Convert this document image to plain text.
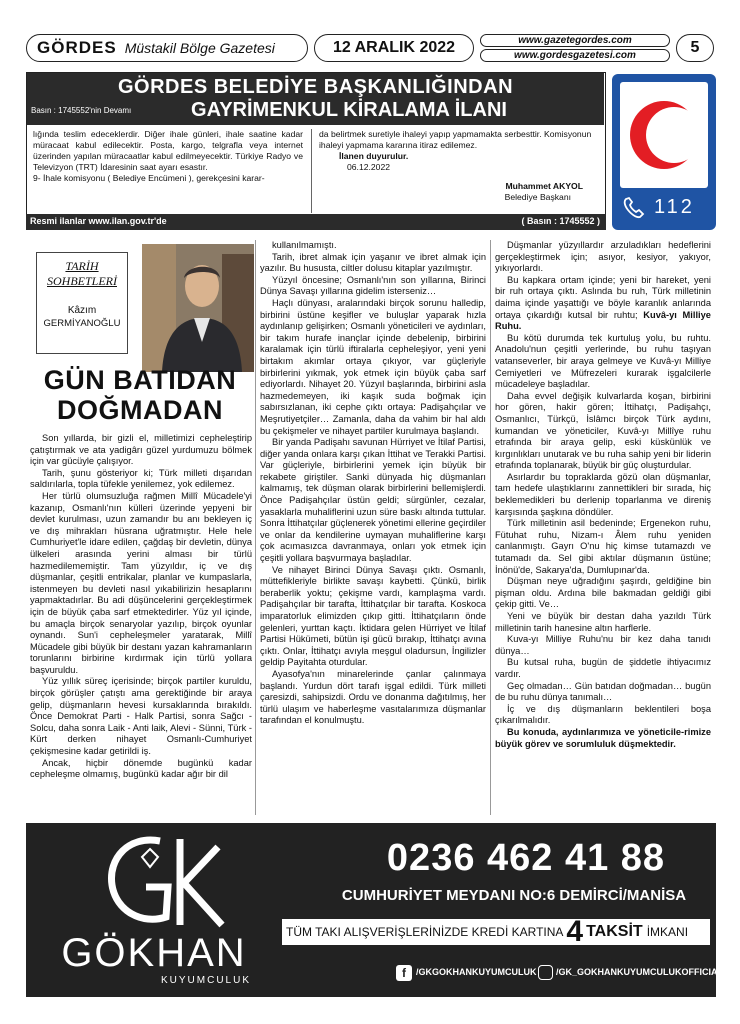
GÖRDES Müstakil Bölge Gazetesi	12 ARALIK 2022	www.gazetegordes.com
www.gordesgazetesi.com	5
GÖRDES BELEDİYE BAŞKANLIĞINDAN
Basın : 1745552'nin Devamı	GAYRİMENKUL KİRALAMA İLANI
lığında teslim edeceklerdir. Diğer ihale günleri, ihale saatine kadar müracaat kabul edilecektir. Posta, kargo, telgrafla veya internet üzerinden yapılan müracaatlar kabul edilmeyecektir. Türkiye Radyo ve Televizyon (TRT) İdaresinin saat ayarı esastır.
9- İhale komisyonu ( Belediye Encümeni ), gerekçesini karar-
da belirtmek suretiyle ihaleyi yapıp yapmamakta serbesttir. Komisyonun ihaleyi yapmama kararına itiraz edilemez.
İlanen duyurulur.
06.12.2022
Muhammet AKYOL
Belediye Başkanı
Resmi ilanlar www.ilan.gov.tr'de	( Basın : 1745552 )
112
TARİH
SOHBETLERİ
Kâzım
GERMİYANOĞLU
GÜN BATIDAN
DOĞMADAN

Son yıllarda, bir gizli el, milletimizi cepheleştirip çatıştırmak ve ata yadigârı güzel yurdumuzu bölmek için var gücüyle çalışıyor.

Tarih, şunu gösteriyor ki; Türk milleti dışarıdan saldırılarla, topla tüfekle yenilemez, yok edilemez.

Her türlü olumsuzluğa rağmen Millî Mücadele'yi kazanıp, Osmanlı'nın külleri üzerinde yepyeni bir devlet kurulması, uzun zamandır bu anı bekleyen iç ve dış mihrakları hüsrana uğratmıştır. Hele hele Cumhuriyet'le idare edilen, çağdaş bir devletin, dünya ülkeleri arasında yerini alması bir türlü hazmedilememiştir. Tam yüzyıldır, iç ve dış düşmanlar, çeşitli entrikalar, planlar ve kumpaslarla, istenmeyen bu devleti nasıl yıkabilirizin hesaplarını yapmaktadırlar. Bu adi düşüncelerini gerçekleştirmek için de büyük çaba sarf etmektedirler. Yüz yıl içinde, bu amaçla birçok senaryolar yazılıp, birçok oyunlar oynandı. Sun'i cepheleşmeler yaratarak, Millî Mücadele gibi büyük bir destanı yazan kahramanların torunlarını birbirine kırdırmak için türlü yollara başvuruldu.

Yüz yıllık süreç içerisinde; birçok partiler kuruldu, birçok görüşler çatıştı ama gerektiğinde bir araya gelip, düşmanların hevesi kursaklarında bırakıldı. Önce Demokrat Parti - Halk Partisi, sonra Sağcı - Solcu, daha sonra Laik - Anti laik, Alevi - Sünni, Türk - Kürt derken nihayet Osmanlı-Cumhuriyet çekişmesine kadar getirildi iş.

Ancak, hiçbir dönemde bugünkü kadar cepheleşme olmamış, bugünkü kadar ağır bir dil

kullanılmamıştı.

Tarih, ibret almak için yaşanır ve ibret almak için yazılır. Bu hususta, ciltler dolusu kitaplar yazılmıştır.

Yüzyıl öncesine; Osmanlı'nın son yıllarına, Birinci Dünya Savaşı yıllarına gidelim isterseniz…

Haçlı dünyası, aralarındaki birçok sorunu halledip, birbirini üstüne keşifler ve buluşlar yaparak hızla aydınlanıp gelişirken; Osmanlı yöneticileri ve aydınları, bir takım hurafe inançlar içinde debelenip, birbirini karalamak için türlü iftiralarla cepheleşiyor, yeni yeni birtakım akımlar ortaya çıkıyor, var güçleriyle birbirlerini yıkmak, yok etmek için büyük çaba sarf ediyorlardı. Nihayet 20. Yüzyıl başlarında, birbirini asla hazmedemeyen, iki kaşık suda boğmak için sabırsızlanan, iki cephe çıktı ortaya: Padişahçılar ve Meşrutiyetçiler… Zamanla, daha da vahim bir hal aldı bu çekişmeler ve nihayet partiler kurulmaya başlandı.

Bir yanda Padişahı savunan Hürriyet ve İtilaf Partisi, diğer yanda onlara karşı çıkan İttihat ve Terakki Partisi. Var güçleriyle, birbirlerini yemek için büyük bir rekabete giriştiler. Sanki dünyada hiç düşmanları kalmamış, tek düşman olarak birbirlerini bellemişlerdi. Önce Padişahçılar üstün geldi; sürgünler, cezalar, yasaklarla muhaliflerini uzun süre baskı altında tuttular. Sonra İttihatçılar güçlenerek yönetimi ellerine geçirdiler ve onlar da kendilerine uymayan muhaliflerine karşı çok acımasızca davranmaya, onları yok etmek için çeşitli yollara başvurmaya başladılar.

Ve nihayet Birinci Dünya Savaşı çıktı. Osmanlı, müttefikleriyle birlikte savaşı kaybetti. Çünkü, birlik beraberlik yoktu; çekişme vardı, kamplaşma vardı. Padişahçılar bir tarafta, İttihatçılar bir tarafta. Koskoca imparatorluk elimizden çıkıp gitti. İttihatçıların önde gelenleri, yurttan kaçtı. İktidara gelen Hürriyet ve İtilaf Partisi Hükümeti, bütün işi gücü bırakıp, İttihatçı avına çıktı. Onlar, İttihatçı avıyla meşgul oladursun, İngilizler geldip Payitahta oturdular.

Ayasofya'nın minarelerinde çanlar çalınmaya başlandı. Yurdun dört tarafı işgal edildi. Türk milleti çaresizdi, sahipsizdi. Ordu ve donanma dağıtılmış, her türlü ulaşım ve haberleşme vasıtalarımıza düşmanlar tarafından el konulmuştu.

Düşmanlar yüzyıllardır arzuladıkları hedeflerini gerçekleştirmek için; asıyor, kesiyor, yakıyor, yıkıyorlardı.

Bu kapkara ortam içinde; yeni bir hareket, yeni bir ruh ortaya çıktı. Aslında bu ruh, Türk milletinin daima içinde yaşattığı ve böyle karanlık anlarında ortaya çıkardığı kutsal bir ruhtu; Kuvâ-yı Milliye Ruhu.

Bu kötü durumda tek kurtuluş yolu, bu ruhtu. Anadolu'nun çeşitli yerlerinde, bu ruhu taşıyan vatanseverler, bir araya gelmeye ve Kuvâ-yı Milliye Cemiyetleri ve Müfrezeleri kurarak işgalcilerle mücadeleye başladılar.

Daha evvel değişik kulvarlarda koşan, birbirini hor gören, hakir gören; İttihatçı, Padişahçı, Osmanlıcı, Türkçü, İslâmcı birçok Türk aydını, kumandan ve yöneticiler, Kuvâ-yı Millîye ruhu etrafında bir araya gelip, eski küskünlük ve kırgınlıkları unutarak ve bu ruha sahip yeni bir liderin etrafında toplanarak, büyük bir güç oluşturdular.

Asırlardır bu topraklarda gözü olan düşmanlar, tam hedefe ulaştıklarını zannettikleri bir sırada, hiç beklemedikleri bu derlenip toparlanma ve direniş karşısında şaşkına döndüler.

Türk milletinin asil bedeninde; Ergenekon ruhu, Fütuhat ruhu, Nizam-ı Âlem ruhu yeniden canlanmıştı. Gayrı O'nu hiç kimse tutamazdı ve tutamadı da. Sel gibi aktılar düşmanın üstüne; İnönü'de, Sakarya'da, Dumlupınar'da.

Düşman neye uğradığını şaşırdı, geldiğine bin pişman oldu. Ardına bile bakmadan geldiği gibi çekip gitti. Ve…

Yeni ve büyük bir destan daha yazıldı Türk milletinin tarih hanesine altın harflerle.

Kuva-yı Milliye Ruhu'nu bir kez daha tanıdı dünya…

Bu kutsal ruha, bugün de şiddetle ihtiyacımız vardır.

Geç olmadan… Gün batıdan doğmadan… bugün de bu ruhu dünya tanımalı…

İç ve dış düşmanların beklentileri boşa çıkarılmalıdır.

Bu konuda, aydınlarımıza ve yöneticile-rimize büyük görev ve sorumluluk düşmektedir.

GÖKHAN
KUYUMCULUK
0236 462 41 88
CUMHURİYET MEYDANI NO:6 DEMİRCİ/MANİSA
TÜM TAKI ALIŞVERİŞLERİNİZDE KREDİ KARTINA 4 TAKSİT İMKANI
f	/GKGOKHANKUYUMCULUK /GK_GOKHANKUYUMCULUKOFFICIAL
